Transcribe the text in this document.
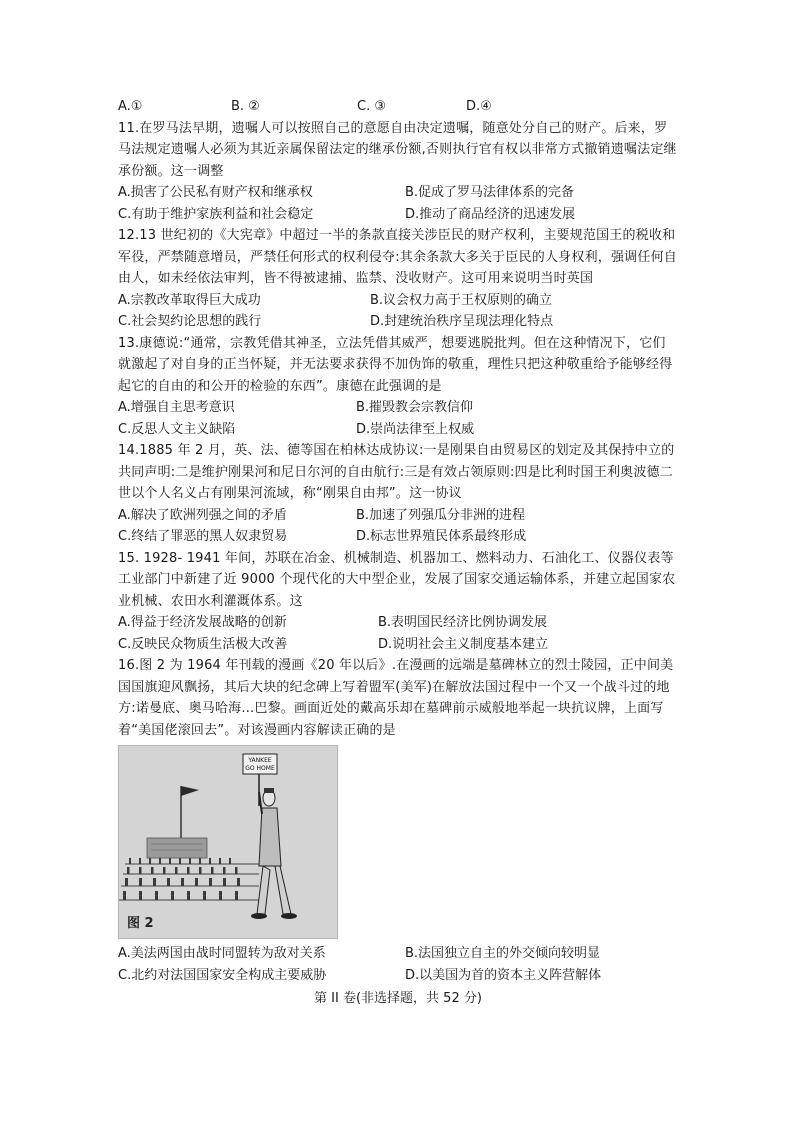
A.①	B. ②	C. ③	D.④
11.在罗马法早期，遗嘱人可以按照自己的意愿自由决定遗嘱，随意处分自己的财产。后来，罗马法规定遗嘱人必须为其近亲属保留法定的继承份额,否则执行官有权以非常方式撤销遗嘱法定继承份额。这一调整
A.损害了公民私有财产权和继承权	B.促成了罗马法律体系的完备
C.有助于维护家族利益和社会稳定	D.推动了商品经济的迅速发展
12.13 世纪初的《大宪章》中超过一半的条款直接关涉臣民的财产权利，主要规范国王的税收和军役，严禁随意增员，严禁任何形式的权利侵夺:其余条款大多关于臣民的人身权利，强调任何自由人，如未经依法审判，皆不得被逮捕、监禁、没收财产。这可用来说明当时英国
A.宗教改革取得巨大成功	B.议会权力高于王权原则的确立
C.社会契约论思想的践行	D.封建统治秩序呈现法理化特点
13.康德说:“通常，宗教凭借其神圣，立法凭借其威严，想要逃脱批判。但在这种情况下，它们就激起了对自身的正当怀疑，并无法要求获得不加伪饰的敬重，理性只把这种敬重给予能够经得起它的自由的和公开的检验的东西”。康德在此强调的是
A.增强自主思考意识	B.摧毁教会宗教信仰
C.反思人文主义缺陷	D.崇尚法律至上权威
14.1885 年 2 月，英、法、德等国在柏林达成协议:一是刚果自由贸易区的划定及其保持中立的共同声明:二是维护刚果河和尼日尔河的自由航行:三是有效占领原则:四是比利时国王利奥波德二世以个人名义占有刚果河流域，称“刚果自由邦”。这一协议
A.解决了欧洲列强之间的矛盾	B.加速了列强瓜分非洲的进程
C.终结了罪恶的黑人奴隶贸易	D.标志世界殖民体系最终形成
15. 1928- 1941 年间，苏联在冶金、机械制造、机器加工、燃料动力、石油化工、仪器仪表等工业部门中新建了近 9000 个现代化的大中型企业，发展了国家交通运输体系，并建立起国家农业机械、农田水利灌溉体系。这
A.得益于经济发展战略的创新	B.表明国民经济比例协调发展
C.反映民众物质生活极大改善	D.说明社会主义制度基本建立
16.图 2 为 1964 年刊载的漫画《20 年以后》.在漫画的远端是墓碑林立的烈士陵园，正中间美国国旗迎风飘扬，其后大块的纪念碑上写着盟军(美军)在解放法国过程中一个又一个战斗过的地方:诺曼底、奥马哈海...巴黎。画面近处的戴高乐却在墓碑前示威般地举起一块抗议牌，上面写着“美国佬滚回去”。对该漫画内容解读正确的是
YANKEE
GO HOME
图 2
A.美法两国由战时同盟转为敌对关系	B.法国独立自主的外交倾向较明显
C.北约对法国国家安全构成主要威胁	D.以美国为首的资本主义阵营解体
第 II 卷(非选择题，共 52 分)
